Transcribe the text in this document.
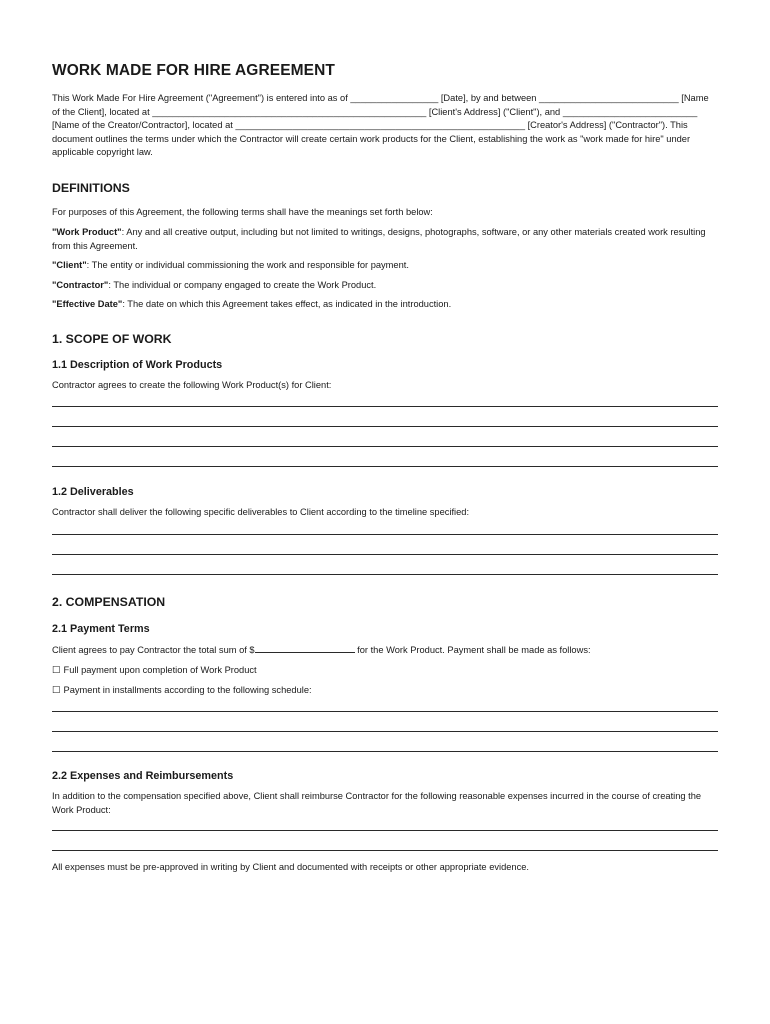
WORK MADE FOR HIRE AGREEMENT

This Work Made For Hire Agreement ("Agreement") is entered into as of _________________ [Date], by and between ___________________________ [Name of the Client], located at _____________________________________________________ [Client's Address] ("Client"), and __________________________ [Name of the Creator/Contractor], located at ________________________________________________________ [Creator's Address] ("Contractor"). This document outlines the terms under which the Contractor will create certain work products for the Client, establishing the work as "work made for hire" under applicable copyright law.

DEFINITIONS

For purposes of this Agreement, the following terms shall have the meanings set forth below:

"Work Product": Any and all creative output, including but not limited to writings, designs, photographs, software, or any other materials created work resulting from this Agreement.

"Client": The entity or individual commissioning the work and responsible for payment.

"Contractor": The individual or company engaged to create the Work Product.

"Effective Date": The date on which this Agreement takes effect, as indicated in the introduction.

1. SCOPE OF WORK
1.1 Description of Work Products

Contractor agrees to create the following Work Product(s) for Client:

1.2 Deliverables

Contractor shall deliver the following specific deliverables to Client according to the timeline specified:

2. COMPENSATION
2.1 Payment Terms

Client agrees to pay Contractor the total sum of $	for the Work Product. Payment shall be made as follows:

☐ Full payment upon completion of Work Product

☐ Payment in installments according to the following schedule:

2.2 Expenses and Reimbursements

In addition to the compensation specified above, Client shall reimburse Contractor for the following reasonable expenses incurred in the course of creating the Work Product:

All expenses must be pre-approved in writing by Client and documented with receipts or other appropriate evidence.
